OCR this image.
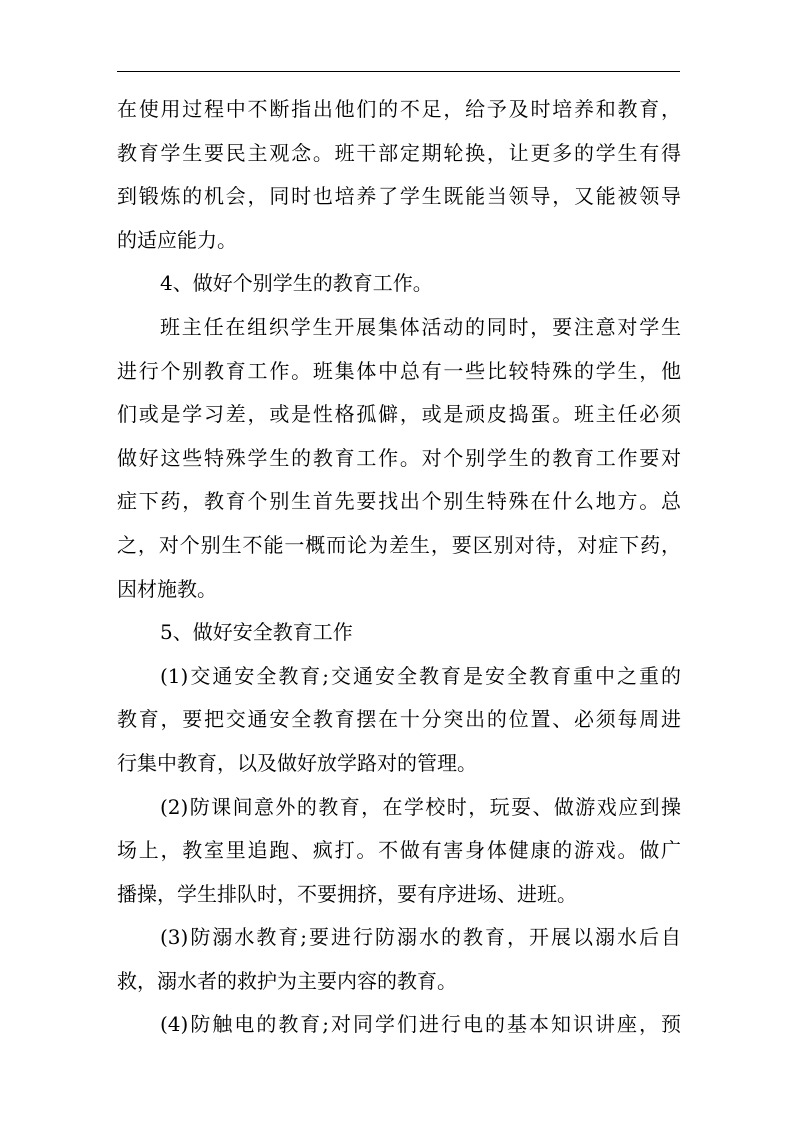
在使用过程中不断指出他们的不足，给予及时培养和教育，
教育学生要民主观念。班干部定期轮换，让更多的学生有得
到锻炼的机会，同时也培养了学生既能当领导，又能被领导
的适应能力。
4、做好个别学生的教育工作。
班主任在组织学生开展集体活动的同时，要注意对学生
进行个别教育工作。班集体中总有一些比较特殊的学生，他
们或是学习差，或是性格孤僻，或是顽皮捣蛋。班主任必须
做好这些特殊学生的教育工作。对个别学生的教育工作要对
症下药，教育个别生首先要找出个别生特殊在什么地方。总
之，对个别生不能一概而论为差生，要区别对待，对症下药，
因材施教。
5、做好安全教育工作
(1)交通安全教育;交通安全教育是安全教育重中之重的
教育，要把交通安全教育摆在十分突出的位置、必须每周进
行集中教育，以及做好放学路对的管理。
(2)防课间意外的教育，在学校时，玩耍、做游戏应到操
场上，教室里追跑、疯打。不做有害身体健康的游戏。做广
播操，学生排队时，不要拥挤，要有序进场、进班。
(3)防溺水教育;要进行防溺水的教育，开展以溺水后自
救，溺水者的救护为主要内容的教育。
(4)防触电的教育;对同学们进行电的基本知识讲座，预
